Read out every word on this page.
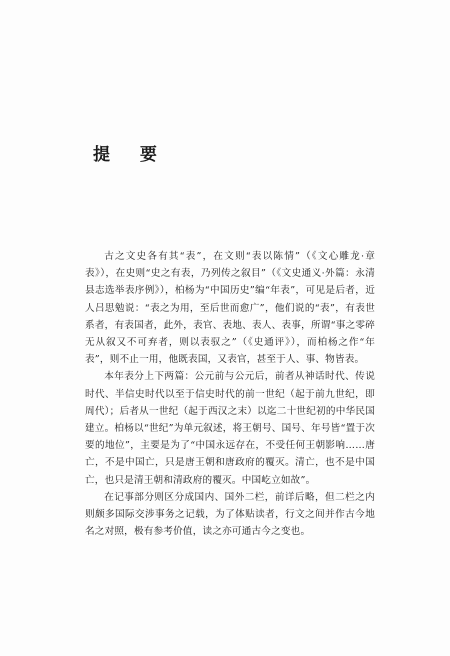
提 要

古之文史各有其“表”，在文则“表以陈情”（《文心雕龙·章表》），在史则“史之有表，乃列传之叙目”（《文史通义·外篇：永清县志选举表序例》），柏杨为“中国历史”编“年表”，可见是后者，近人吕思勉说：“表之为用，至后世而愈广”，他们说的“表”，有表世系者，有表国者，此外，表官、表地、表人、表事，所谓“事之零碎无从叙又不可弃者，则以表驭之”（《史通评》），而柏杨之作“年表”，则不止一用，他既表国，又表官，甚至于人、事、物皆表。

本年表分上下两篇：公元前与公元后，前者从神话时代、传说时代、半信史时代以至于信史时代的前一世纪（起于前九世纪，即周代）；后者从一世纪（起于西汉之末）以迄二十世纪初的中华民国建立。柏杨以“世纪”为单元叙述，将王朝号、国号、年号皆“置于次要的地位”，主要是为了“中国永远存在，不受任何王朝影响……唐亡，不是中国亡，只是唐王朝和唐政府的覆灭。清亡，也不是中国亡，也只是清王朝和清政府的覆灭。中国屹立如故”。

在记事部分则区分成国内、国外二栏，前详后略，但二栏之内则颇多国际交涉事务之记载，为了体贴读者，行文之间并作古今地名之对照，极有参考价值，读之亦可通古今之变也。
